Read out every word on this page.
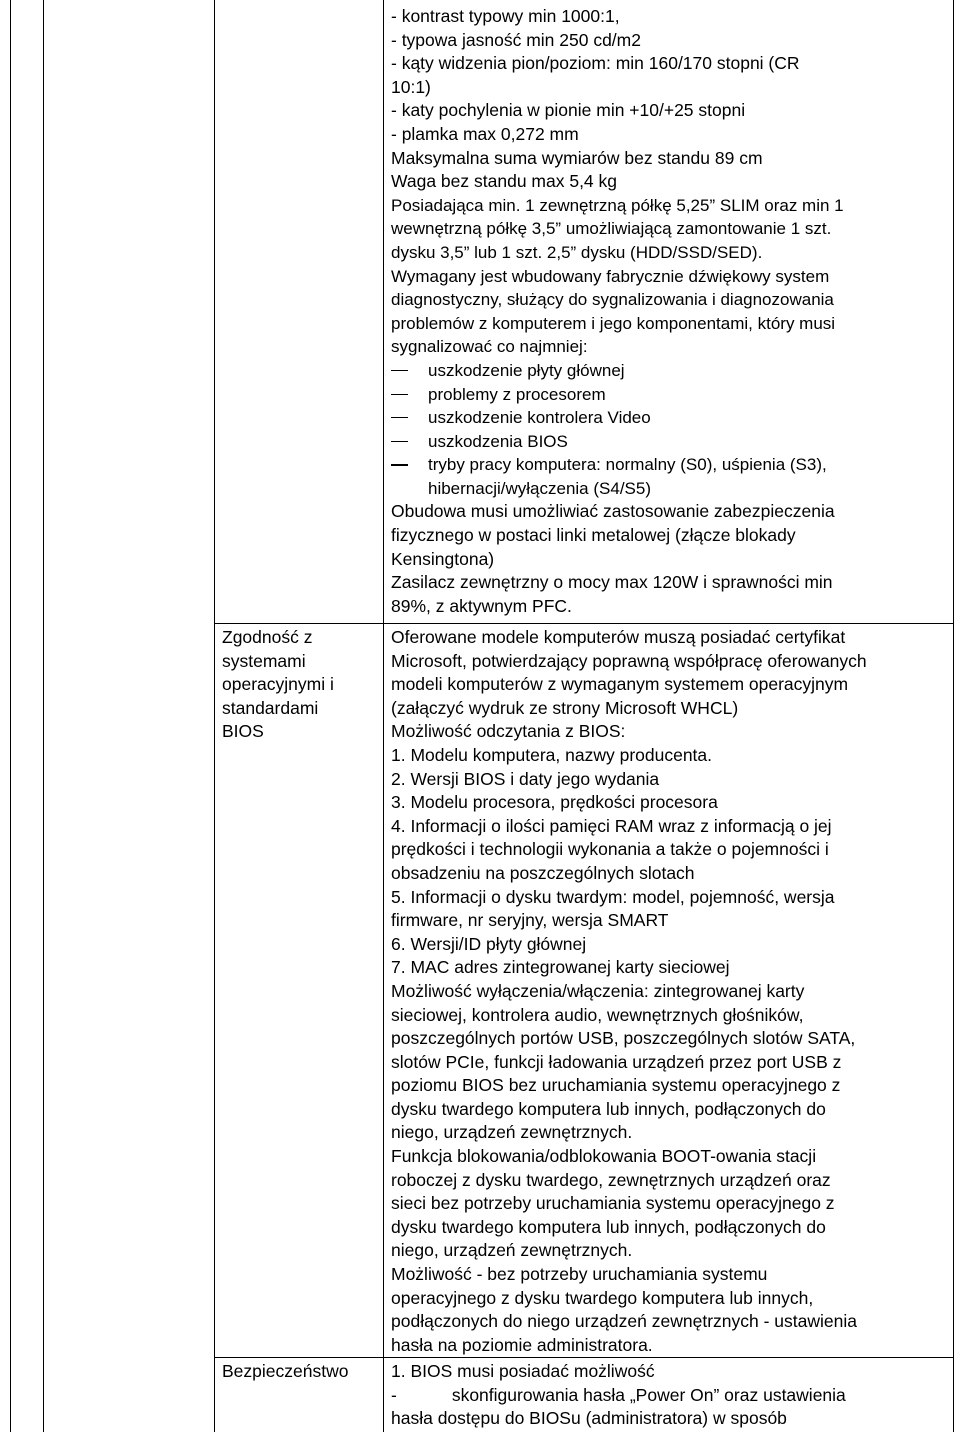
- kontrast typowy min 1000:1,
- typowa jasność min 250 cd/m2
- kąty widzenia pion/poziom: min 160/170 stopni (CR
10:1)
- katy pochylenia w pionie min +10/+25 stopni
- plamka max 0,272 mm
Maksymalna suma wymiarów bez standu 89 cm
Waga bez standu max 5,4 kg
Posiadająca min. 1 zewnętrzną półkę 5,25” SLIM oraz min 1
wewnętrzną półkę 3,5” umożliwiającą zamontowanie 1 szt.
dysku 3,5” lub 1 szt. 2,5” dysku (HDD/SSD/SED).
Wymagany jest wbudowany fabrycznie dźwiękowy system
diagnostyczny, służący do sygnalizowania i diagnozowania
problemów z komputerem i jego komponentami, który musi
sygnalizować co najmniej:
uszkodzenie płyty głównej
problemy z procesorem
uszkodzenie kontrolera Video
uszkodzenia BIOS
tryby pracy komputera: normalny (S0), uśpienia (S3),
hibernacji/wyłączenia (S4/S5)
Obudowa musi umożliwiać zastosowanie zabezpieczenia
fizycznego w postaci linki metalowej (złącze blokady
Kensingtona)
Zasilacz zewnętrzny o mocy max 120W i sprawności min
89%, z aktywnym PFC.
Zgodność z
systemami
operacyjnymi i
standardami
BIOS
Oferowane modele komputerów muszą posiadać certyfikat
Microsoft, potwierdzający poprawną współpracę oferowanych
modeli komputerów z wymaganym systemem operacyjnym
(załączyć wydruk ze strony Microsoft WHCL)
Możliwość odczytania z BIOS:
1. Modelu komputera, nazwy producenta.
2. Wersji BIOS i daty jego wydania
3. Modelu procesora, prędkości procesora
4. Informacji o ilości pamięci RAM wraz z informacją o jej
prędkości i technologii wykonania a także o pojemności i
obsadzeniu na poszczególnych slotach
5. Informacji o dysku twardym: model, pojemność, wersja
firmware, nr seryjny, wersja SMART
6. Wersji/ID płyty głównej
7. MAC adres zintegrowanej karty sieciowej
Możliwość wyłączenia/włączenia: zintegrowanej karty
sieciowej, kontrolera audio, wewnętrznych głośników,
poszczególnych portów USB, poszczególnych slotów SATA,
slotów PCIe, funkcji ładowania urządzeń przez port USB z
poziomu BIOS bez uruchamiania systemu operacyjnego z
dysku twardego komputera lub innych, podłączonych do
niego, urządzeń zewnętrznych.
Funkcja blokowania/odblokowania BOOT-owania stacji
roboczej z dysku twardego, zewnętrznych urządzeń oraz
sieci bez potrzeby uruchamiania systemu operacyjnego z
dysku twardego komputera lub innych, podłączonych do
niego, urządzeń zewnętrznych.
Możliwość - bez potrzeby uruchamiania systemu
operacyjnego z dysku twardego komputera lub innych,
podłączonych do niego urządzeń zewnętrznych - ustawienia
hasła na poziomie administratora.
Bezpieczeństwo	1. BIOS musi posiadać możliwość
-	skonfigurowania hasła „Power On” oraz ustawienia
hasła dostępu do BIOSu (administratora) w sposób
